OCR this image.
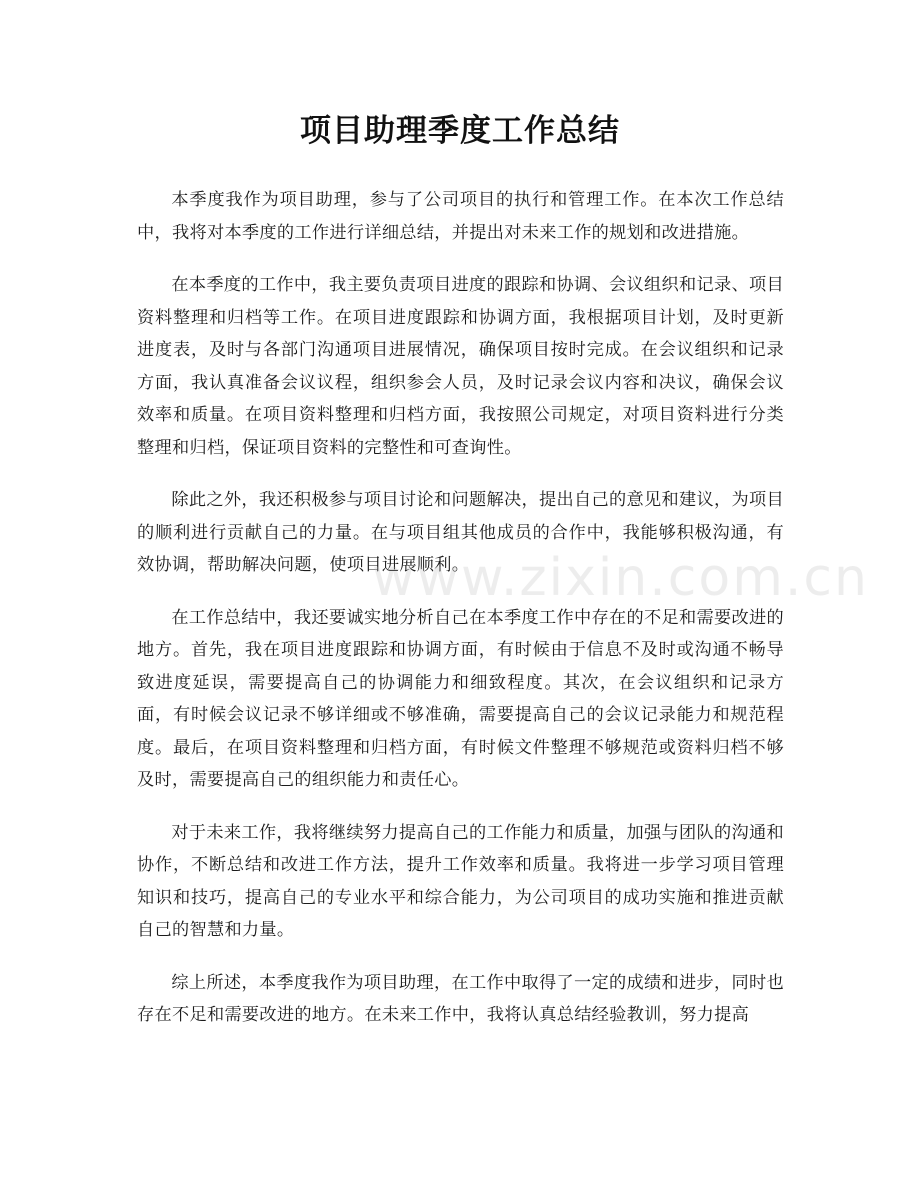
项目助理季度工作总结

本季度我作为项目助理，参与了公司项目的执行和管理工作。在本次工作总结中，我将对本季度的工作进行详细总结，并提出对未来工作的规划和改进措施。

在本季度的工作中，我主要负责项目进度的跟踪和协调、会议组织和记录、项目资料整理和归档等工作。在项目进度跟踪和协调方面，我根据项目计划，及时更新进度表，及时与各部门沟通项目进展情况，确保项目按时完成。在会议组织和记录方面，我认真准备会议议程，组织参会人员，及时记录会议内容和决议，确保会议效率和质量。在项目资料整理和归档方面，我按照公司规定，对项目资料进行分类整理和归档，保证项目资料的完整性和可查询性。

除此之外，我还积极参与项目讨论和问题解决，提出自己的意见和建议，为项目的顺利进行贡献自己的力量。在与项目组其他成员的合作中，我能够积极沟通，有效协调，帮助解决问题，使项目进展顺利。

在工作总结中，我还要诚实地分析自己在本季度工作中存在的不足和需要改进的地方。首先，我在项目进度跟踪和协调方面，有时候由于信息不及时或沟通不畅导致进度延误，需要提高自己的协调能力和细致程度。其次，在会议组织和记录方面，有时候会议记录不够详细或不够准确，需要提高自己的会议记录能力和规范程度。最后，在项目资料整理和归档方面，有时候文件整理不够规范或资料归档不够及时，需要提高自己的组织能力和责任心。

对于未来工作，我将继续努力提高自己的工作能力和质量，加强与团队的沟通和协作，不断总结和改进工作方法，提升工作效率和质量。我将进一步学习项目管理知识和技巧，提高自己的专业水平和综合能力，为公司项目的成功实施和推进贡献自己的智慧和力量。

综上所述，本季度我作为项目助理，在工作中取得了一定的成绩和进步，同时也存在不足和需要改进的地方。在未来工作中，我将认真总结经验教训，努力提高

www.zixin.com.cn
